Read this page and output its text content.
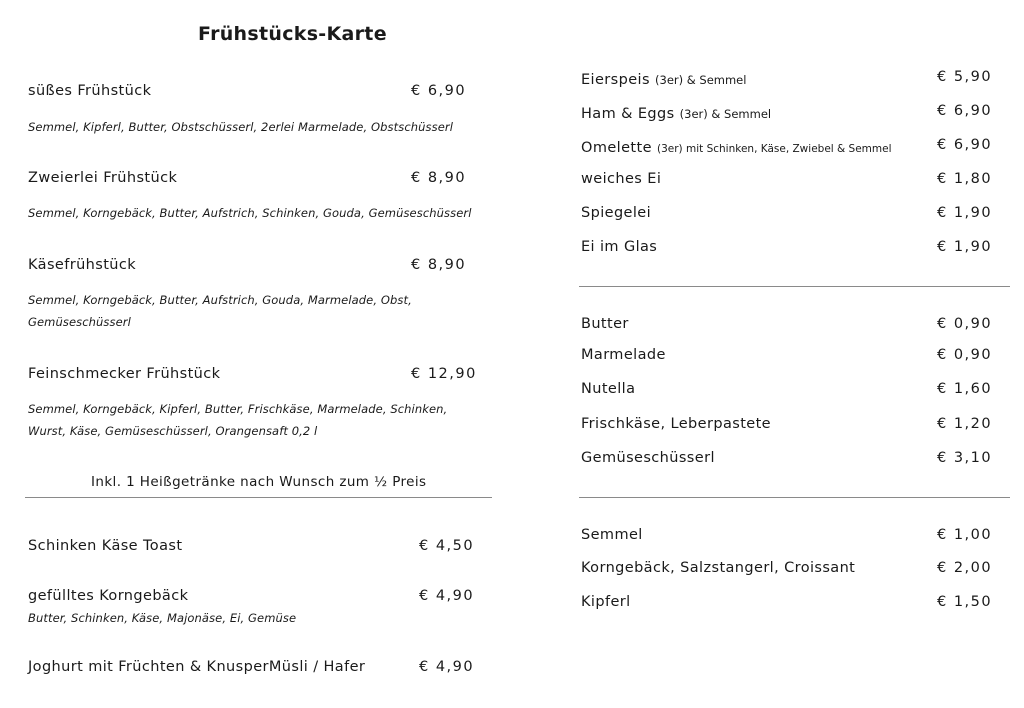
Frühstücks-Karte
süßes Frühstück	€ 6,90
Semmel, Kipferl, Butter, Obstschüsserl, 2erlei Marmelade, Obstschüsserl
Zweierlei Frühstück	€ 8,90
Semmel, Korngebäck, Butter, Aufstrich, Schinken, Gouda, Gemüseschüsserl
Käsefrühstück	€ 8,90
Semmel, Korngebäck, Butter, Aufstrich, Gouda, Marmelade, Obst,
Gemüseschüsserl
Feinschmecker Frühstück	€ 12,90
Semmel, Korngebäck, Kipferl, Butter, Frischkäse, Marmelade, Schinken,
Wurst, Käse, Gemüseschüsserl, Orangensaft 0,2 l
Inkl. 1 Heißgetränke nach Wunsch zum ½ Preis
Schinken Käse Toast	€ 4,50
gefülltes Korngebäck	€ 4,90
Butter, Schinken, Käse, Majonäse, Ei, Gemüse
Joghurt mit Früchten & KnusperMüsli / Hafer	€ 4,90
Eierspeis (3er) & Semmel	€ 5,90
Ham & Eggs (3er) & Semmel	€ 6,90
Omelette (3er) mit Schinken, Käse, Zwiebel & Semmel	€ 6,90
weiches Ei	€ 1,80
Spiegelei	€ 1,90
Ei im Glas	€ 1,90
Butter	€ 0,90
Marmelade	€ 0,90
Nutella	€ 1,60
Frischkäse, Leberpastete	€ 1,20
Gemüseschüsserl	€ 3,10
Semmel	€ 1,00
Korngebäck, Salzstangerl, Croissant	€ 2,00
Kipferl	€ 1,50
